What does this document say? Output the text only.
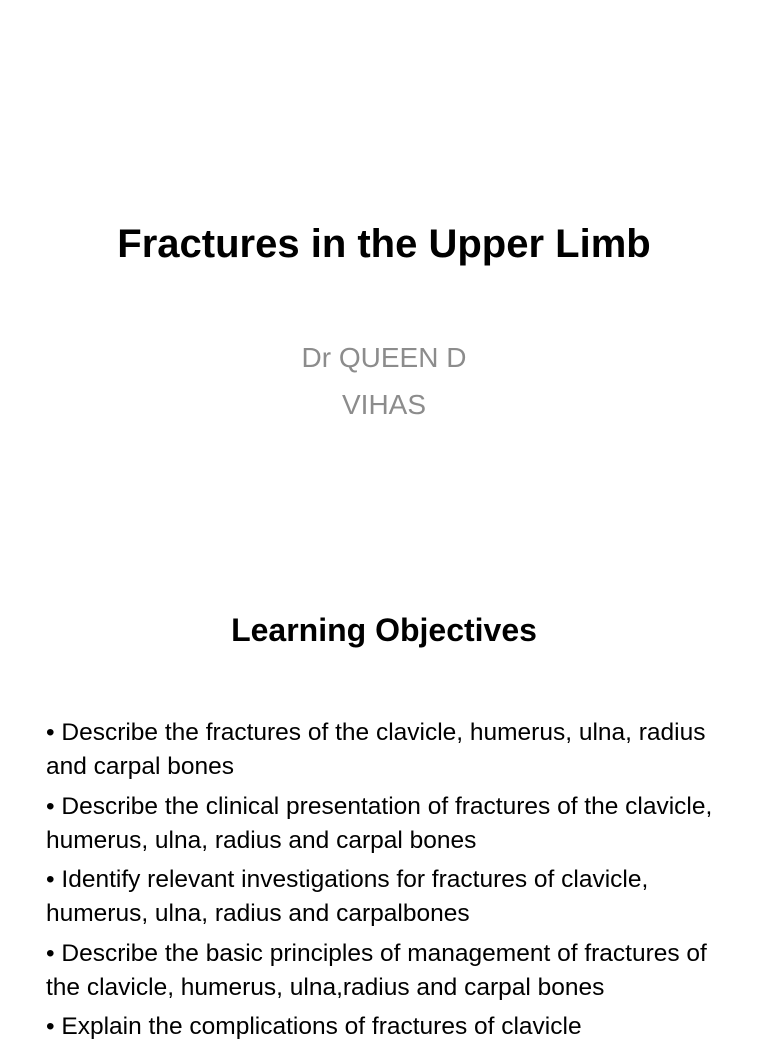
Fractures in the Upper Limb
Dr QUEEN D
VIHAS
Learning Objectives
• Describe the fractures of the clavicle, humerus, ulna, radius and carpal bones
• Describe the clinical presentation of fractures of the clavicle, humerus, ulna, radius and carpal bones
• Identify relevant investigations for fractures of clavicle, humerus, ulna, radius and carpalbones
• Describe the basic principles of management of fractures of the clavicle, humerus, ulna,radius and carpal bones
• Explain the complications of fractures of clavicle
